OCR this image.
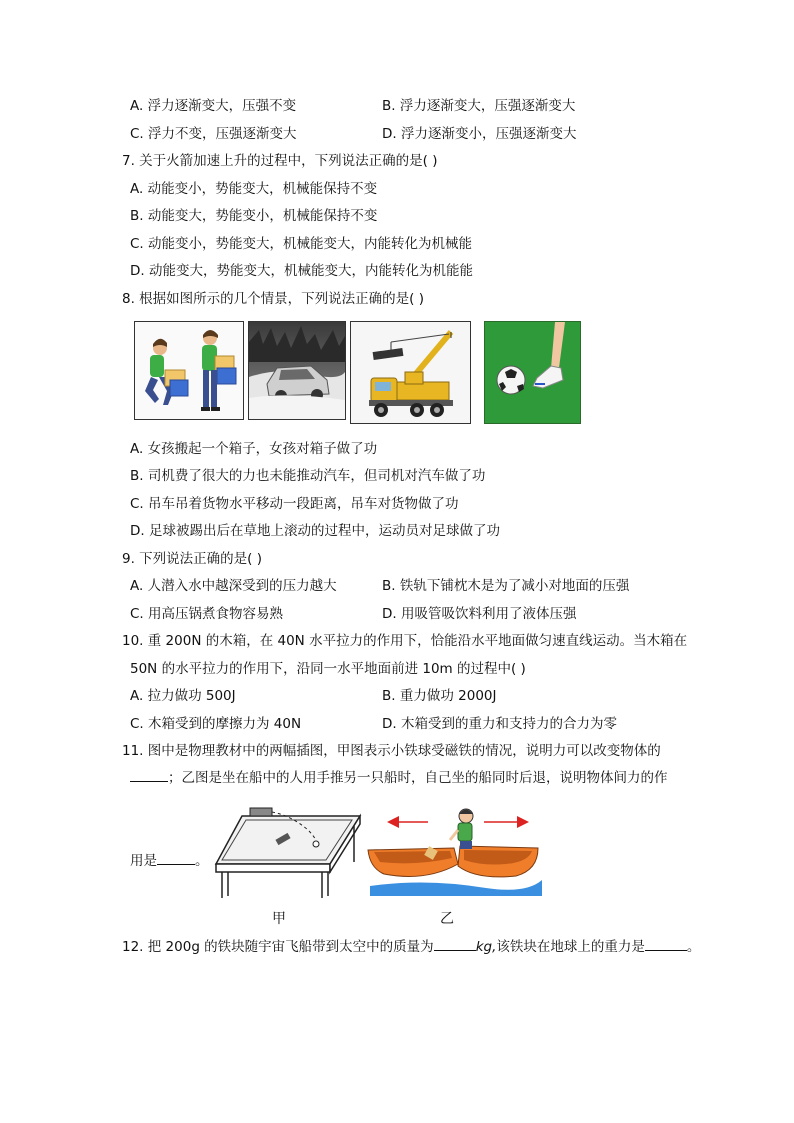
A. 浮力逐渐变大，压强不变	B. 浮力逐渐变大，压强逐渐变大
C. 浮力不变，压强逐渐变大	D. 浮力逐渐变小，压强逐渐变大
7. 关于火箭加速上升的过程中，下列说法正确的是( )
A. 动能变小，势能变大，机械能保持不变
B. 动能变大，势能变小，机械能保持不变
C. 动能变小，势能变大，机械能变大，内能转化为机械能
D. 动能变大，势能变大，机械能变大，内能转化为机能能
8. 根据如图所示的几个情景，下列说法正确的是( )
A. 女孩搬起一个箱子，女孩对箱子做了功
B. 司机费了很大的力也未能推动汽车，但司机对汽车做了功
C. 吊车吊着货物水平移动一段距离，吊车对货物做了功
D. 足球被踢出后在草地上滚动的过程中，运动员对足球做了功
9. 下列说法正确的是( )
A. 人潜入水中越深受到的压力越大	B. 铁轨下铺枕木是为了减小对地面的压强
C. 用高压锅煮食物容易熟	D. 用吸管吸饮料利用了液体压强
10. 重 200N 的木箱，在 40N 水平拉力的作用下，恰能沿水平地面做匀速直线运动。当木箱在
50N 的水平拉力的作用下，沿同一水平地面前进 10m 的过程中( )
A. 拉力做功 500J	B. 重力做功 2000J
C. 木箱受到的摩擦力为 40N	D. 木箱受到的重力和支持力的合力为零
11. 图中是物理教材中的两幅插图，甲图表示小铁球受磁铁的情况，说明力可以改变物体的
；乙图是坐在船中的人用手推另一只船时，自己坐的船同时后退，说明物体间力的作
用是	。
甲	乙
12. 把 200g 的铁块随宇宙飞船带到太空中的质量为	kg,该铁块在地球上的重力是	。
